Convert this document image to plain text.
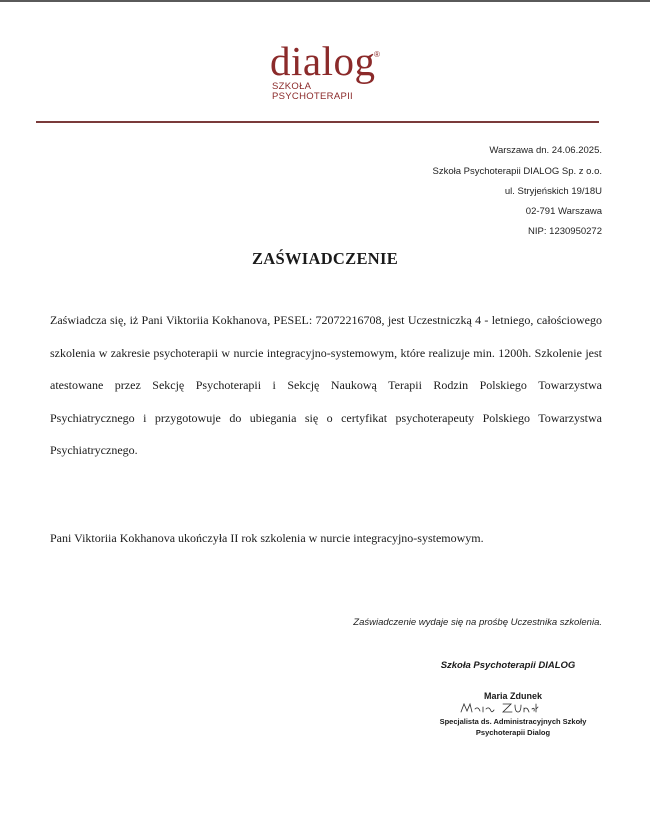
dialog
®
SZKOŁA
PSYCHOTERAPII
Warszawa dn. 24.06.2025.
Szkoła Psychoterapii DIALOG Sp. z o.o.
ul. Stryjeńskich 19/18U
02-791 Warszawa
NIP: 1230950272
ZAŚWIADCZENIE
Zaświadcza się, iż Pani Viktoriia Kokhanova, PESEL: 72072216708, jest Uczestniczką 4 - letniego, całościowego szkolenia w zakresie psychoterapii w nurcie integracyjno-systemowym, które realizuje min. 1200h. Szkolenie jest atestowane przez Sekcję Psychoterapii i Sekcję Naukową Terapii Rodzin Polskiego Towarzystwa Psychiatrycznego i przygotowuje do ubiegania się o certyfikat psychoterapeuty Polskiego Towarzystwa Psychiatrycznego.
Pani Viktoriia Kokhanova ukończyła II rok szkolenia w nurcie integracyjno-systemowym.
Zaświadczenie wydaje się na prośbę Uczestnika szkolenia.
Szkoła Psychoterapii DIALOG
Maria Zdunek
Specjalista ds. Administracyjnych Szkoły
Psychoterapii Dialog
